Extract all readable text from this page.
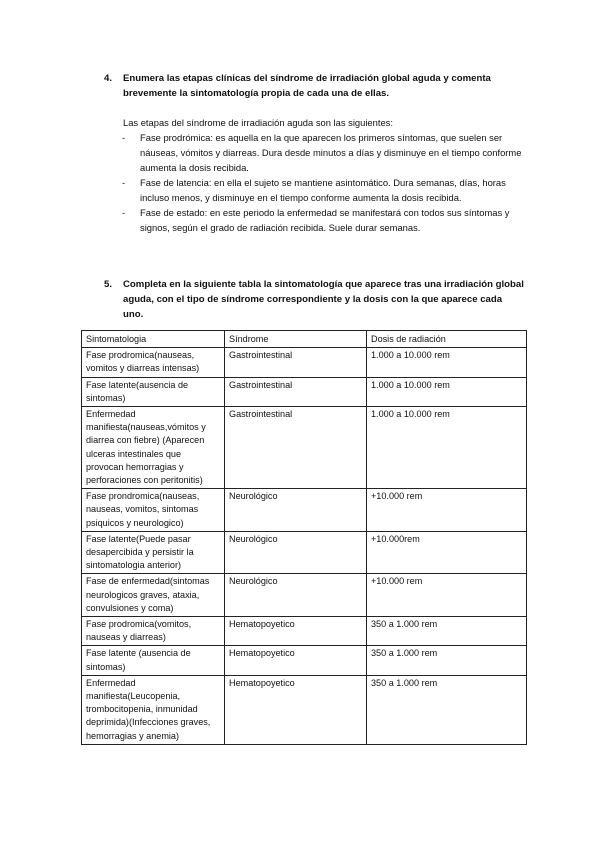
4.	Enumera las etapas clínicas del síndrome de irradiación global aguda y comenta brevemente la sintomatología propia de cada una de ellas.
Las etapas del síndrome de irradiación aguda son las siguientes:
- Fase prodrómica: es aquella en la que aparecen los primeros síntomas, que suelen ser náuseas, vómitos y diarreas. Dura desde minutos a días y disminuye en el tiempo conforme aumenta la dosis recibida.
- Fase de latencia: en ella el sujeto se mantiene asintomático. Dura semanas, días, horas incluso menos, y disminuye en el tiempo conforme aumenta la dosis recibida.
- Fase de estado: en este periodo la enfermedad se manifestará con todos sus síntomas y signos, según el grado de radiación recibida. Suele durar semanas.
5.	Completa en la siguiente tabla la sintomatología que aparece tras una irradiación global aguda, con el tipo de síndrome correspondiente y la dosis con la que aparece cada uno.
Sintomatologia	Síndrome	Dosis de radiación
Fase prodromica(nauseas, vomitos y diarreas intensas)	Gastrointestinal	1.000 a 10.000 rem
Fase latente(ausencia de sintomas)	Gastrointestinal	1.000 a 10.000 rem
Enfermedad manifiesta(nauseas,vómitos y diarrea con fiebre) (Aparecen ulceras intestinales que provocan hemorragias y perforaciones con peritonitis)	Gastrointestinal	1.000 a 10.000 rem
Fase prondromica(nauseas, nauseas, vomitos, sintomas psiquicos y neurologico)	Neurológico	+10.000 rem
Fase latente(Puede pasar desapercibida y persistir la sintomatologia anterior)	Neurológico	+10.000rem
Fase de enfermedad(sintomas neurologicos graves, ataxia, convulsiones y coma)	Neurológico	+10.000 rem
Fase prodromica(vomitos, nauseas y diarreas)	Hematopoyetico	350 a 1.000 rem
Fase latente (ausencia de sintomas)	Hematopoyetico	350 a 1.000 rem
Enfermedad manifiesta(Leucopenia, trombocitopenia, inmunidad deprimida)(Infecciones graves, hemorragias y anemia)	Hematopoyetico	350 a 1.000 rem
